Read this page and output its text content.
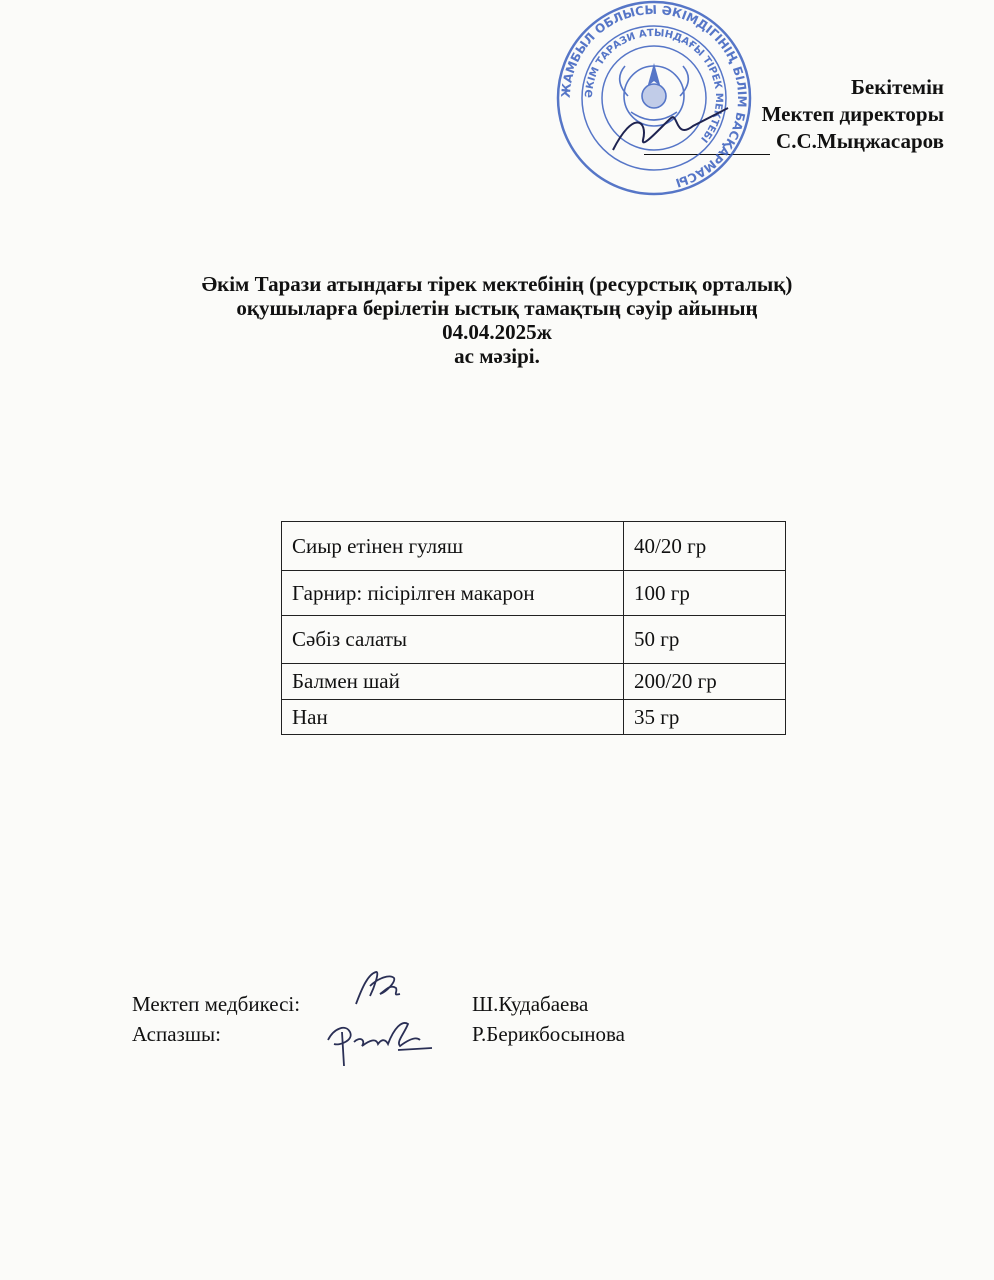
Бекітемін
Мектеп директоры
С.С.Мыңжасаров
ЖАМБЫЛ ОБЛЫСЫ ӘКІМДІГІНІҢ БІЛІМ БАСҚАРМАСЫ
ӘКІМ ТАРАЗИ АТЫНДАҒЫ ТІРЕК МЕКТЕБІ
Әкім Тарази атындағы тірек мектебінің (ресурстық орталық)
оқушыларға берілетін ыстық тамақтың сәуір айының
04.04.2025ж
ас мәзірі.
Сиыр етінен гуляш	40/20 гр
Гарнир: пісірілген макарон	100 гр
Сәбіз салаты	50 гр
Балмен шай	200/20 гр
Нан	35 гр
Мектеп медбикесі:	Ш.Кудабаева
Аспазшы:	Р.Берикбосынова
